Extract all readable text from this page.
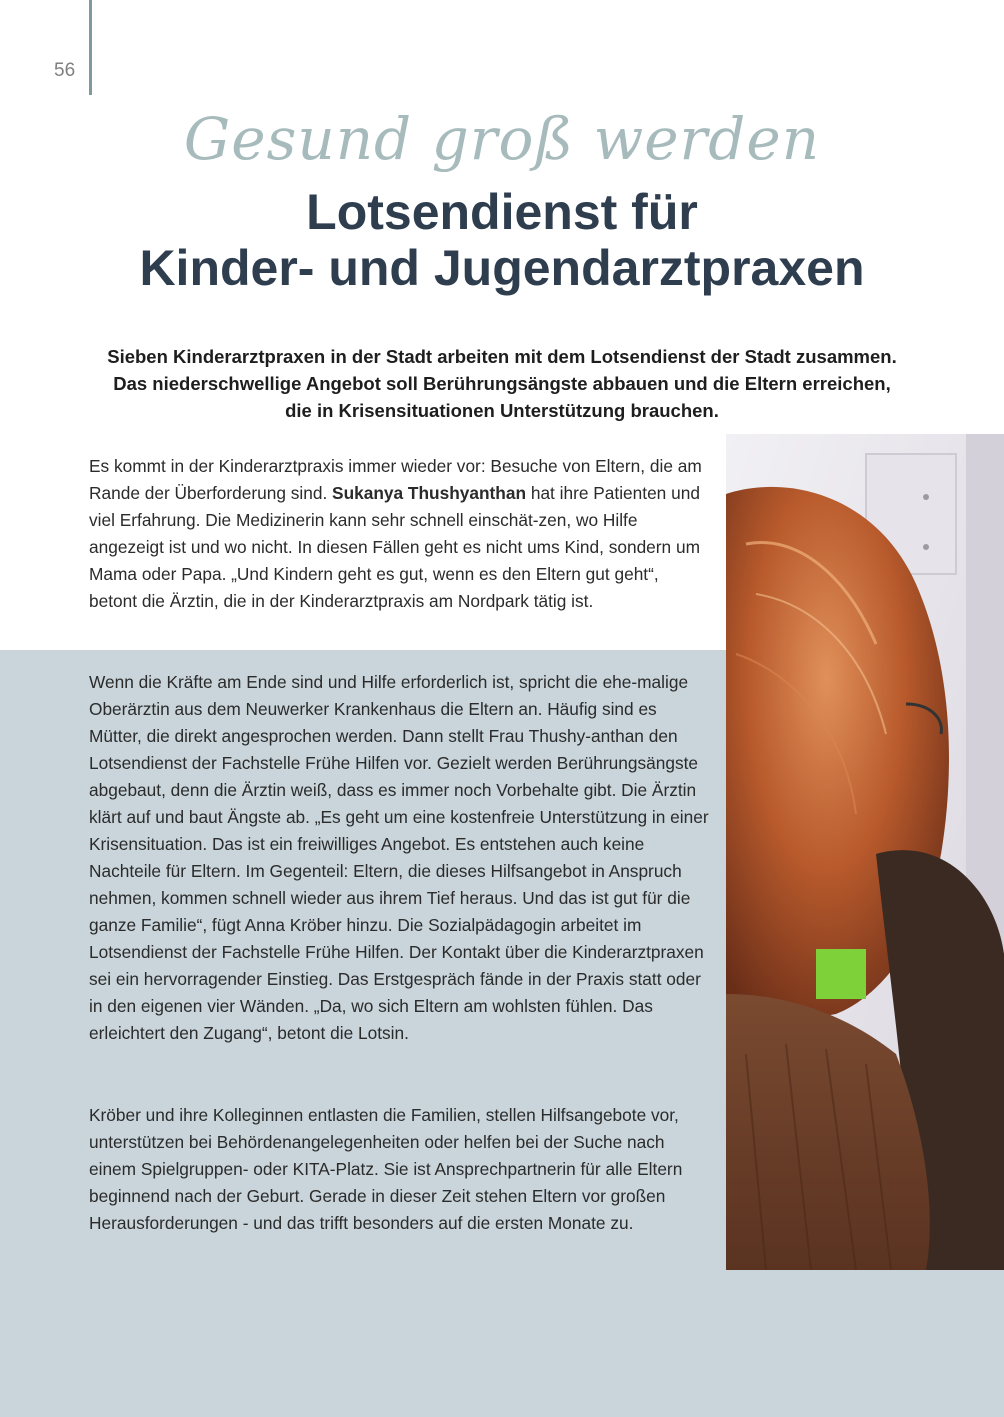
56
Gesund groß werden
Lotsendienst für
Kinder- und Jugendarztpraxen
Sieben Kinderarztpraxen in der Stadt arbeiten mit dem Lotsendienst der Stadt zusammen.
Das niederschwellige Angebot soll Berührungsängste abbauen und die Eltern erreichen,
die in Krisensituationen Unterstützung brauchen.

Es kommt in der Kinderarztpraxis immer wieder vor: Besuche von Eltern, die am Rande der Überforderung sind. Sukanya Thushyanthan hat ihre Patienten und viel Erfahrung. Die Medizinerin kann sehr schnell einschät-zen, wo Hilfe angezeigt ist und wo nicht. In diesen Fällen geht es nicht ums Kind, sondern um Mama oder Papa. „Und Kindern geht es gut, wenn es den Eltern gut geht“, betont die Ärztin, die in der Kinderarztpraxis am Nordpark tätig ist.

Wenn die Kräfte am Ende sind und Hilfe erforderlich ist, spricht die ehe-malige Oberärztin aus dem Neuwerker Krankenhaus die Eltern an. Häufig sind es Mütter, die direkt angesprochen werden. Dann stellt Frau Thushy-anthan den Lotsendienst der Fachstelle Frühe Hilfen vor. Gezielt werden Berührungsängste abgebaut, denn die Ärztin weiß, dass es immer noch Vorbehalte gibt. Die Ärztin klärt auf und baut Ängste ab. „Es geht um eine kostenfreie Unterstützung in einer Krisensituation. Das ist ein freiwilliges Angebot. Es entstehen auch keine Nachteile für Eltern. Im Gegenteil: Eltern, die dieses Hilfsangebot in Anspruch nehmen, kommen schnell wieder aus ihrem Tief heraus. Und das ist gut für die ganze Familie“, fügt Anna Kröber hinzu. Die Sozialpädagogin arbeitet im Lotsendienst der Fachstelle Frühe Hilfen. Der Kontakt über die Kinderarztpraxen sei ein hervorragender Einstieg. Das Erstgespräch fände in der Praxis statt oder in den eigenen vier Wänden. „Da, wo sich Eltern am wohlsten fühlen. Das erleichtert den Zugang“, betont die Lotsin.

Kröber und ihre Kolleginnen entlasten die Familien, stellen Hilfsangebote vor, unterstützen bei Behördenangelegenheiten oder helfen bei der Suche nach einem Spielgruppen- oder KITA-Platz. Sie ist Ansprechpartnerin für alle Eltern beginnend nach der Geburt. Gerade in dieser Zeit stehen Eltern vor großen Herausforderungen - und das trifft besonders auf die ersten Monate zu.
